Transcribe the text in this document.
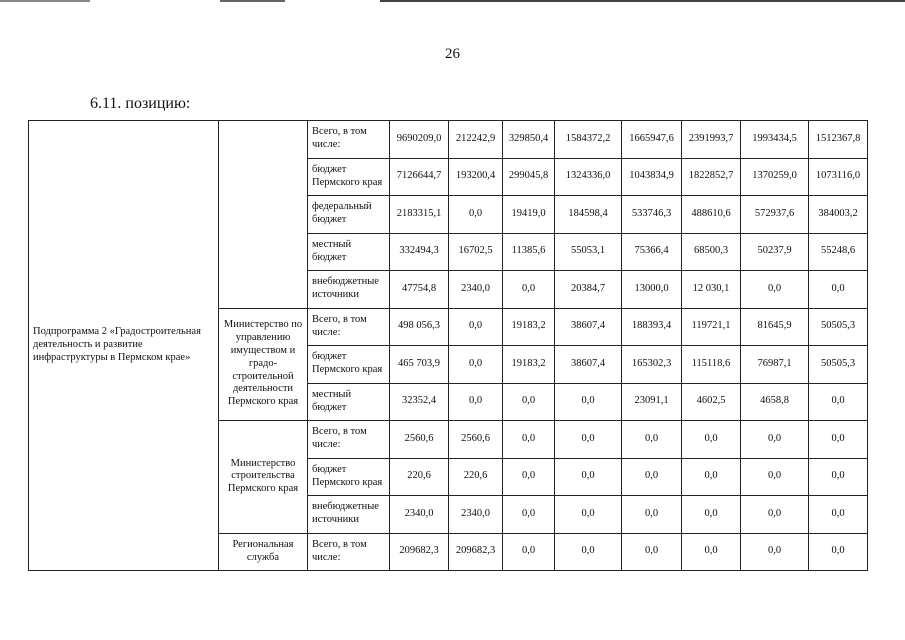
26
6.11. позицию:
Подпрограмма 2 «Градостроительная деятельность и развитие инфраструктуры в Пермском крае»		Всего, в том числе:	9690209,0	212242,9	329850,4	1584372,2	1665947,6	2391993,7	1993434,5	1512367,8
		бюджет Пермского края	7126644,7	193200,4	299045,8	1324336,0	1043834,9	1822852,7	1370259,0	1073116,0
		федеральный бюджет	2183315,1	0,0	19419,0	184598,4	533746,3	488610,6	572937,6	384003,2
		местный бюджет	332494,3	16702,5	11385,6	55053,1	75366,4	68500,3	50237,9	55248,6
		внебюджетные источники	47754,8	2340,0	0,0	20384,7	13000,0	12 030,1	0,0	0,0
	Министерство по управлению имуществом и градо-строительной деятельности Пермского края	Всего, в том числе:	498 056,3	0,0	19183,2	38607,4	188393,4	119721,1	81645,9	50505,3
		бюджет Пермского края	465 703,9	0,0	19183,2	38607,4	165302,3	115118,6	76987,1	50505,3
		местный бюджет	32352,4	0,0	0,0	0,0	23091,1	4602,5	4658,8	0,0
	Министерство строительства Пермского края	Всего, в том числе:	2560,6	2560,6	0,0	0,0	0,0	0,0	0,0	0,0
		бюджет Пермского края	220,6	220,6	0,0	0,0	0,0	0,0	0,0	0,0
		внебюджетные источники	2340,0	2340,0	0,0	0,0	0,0	0,0	0,0	0,0
	Региональная служба	Всего, в том числе:	209682,3	209682,3	0,0	0,0	0,0	0,0	0,0	0,0
